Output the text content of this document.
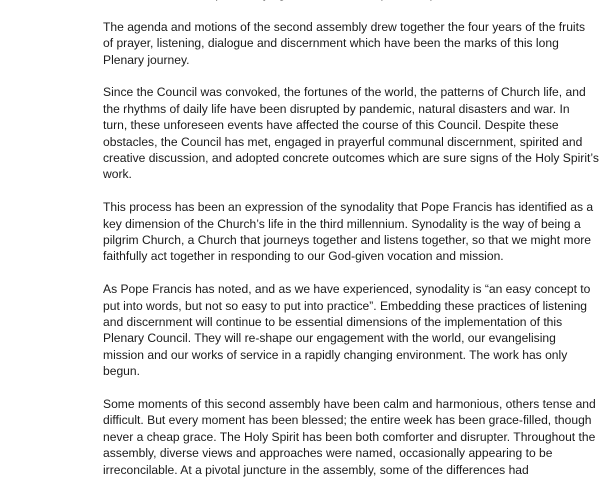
The agenda and motions of the second assembly drew together the four years of the fruits
of prayer, listening, dialogue and discernment which have been the marks of this long
Plenary journey.

Since the Council was convoked, the fortunes of the world, the patterns of Church life, and
the rhythms of daily life have been disrupted by pandemic, natural disasters and war. In
turn, these unforeseen events have affected the course of this Council. Despite these
obstacles, the Council has met, engaged in prayerful communal discernment, spirited and
creative discussion, and adopted concrete outcomes which are sure signs of the Holy Spirit’s
work.

This process has been an expression of the synodality that Pope Francis has identified as a
key dimension of the Church’s life in the third millennium. Synodality is the way of being a
pilgrim Church, a Church that journeys together and listens together, so that we might more
faithfully act together in responding to our God-given vocation and mission.

As Pope Francis has noted, and as we have experienced, synodality is “an easy concept to
put into words, but not so easy to put into practice”. Embedding these practices of listening
and discernment will continue to be essential dimensions of the implementation of this
Plenary Council. They will re-shape our engagement with the world, our evangelising
mission and our works of service in a rapidly changing environment. The work has only
begun.

Some moments of this second assembly have been calm and harmonious, others tense and
difficult. But every moment has been blessed; the entire week has been grace-filled, though
never a cheap grace. The Holy Spirit has been both comforter and disrupter. Throughout the
assembly, diverse views and approaches were named, occasionally appearing to be
irreconcilable. At a pivotal juncture in the assembly, some of the differences had
